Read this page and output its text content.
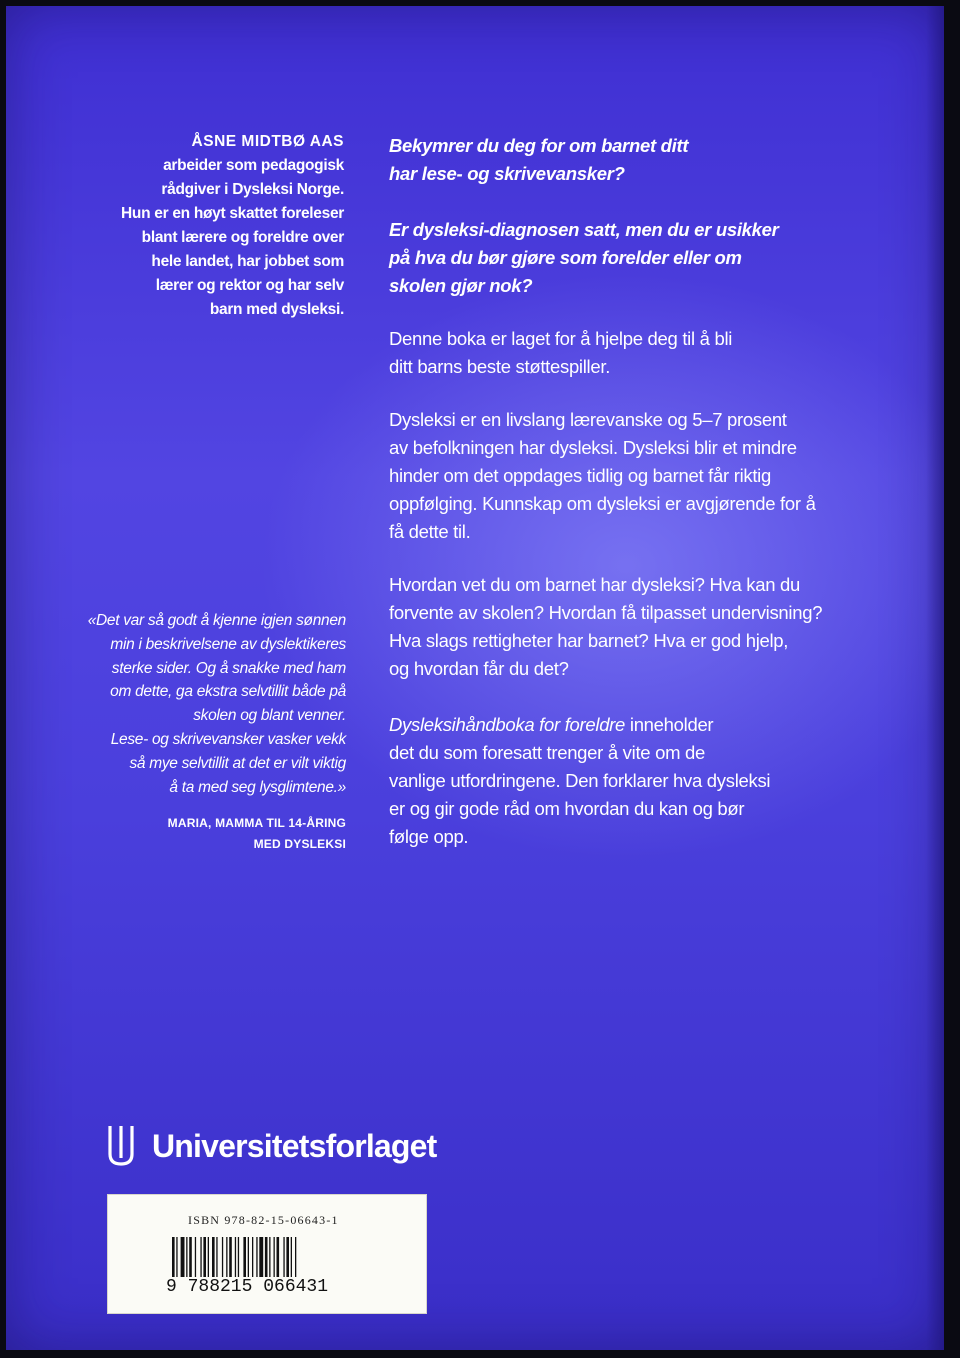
ÅSNE MIDTBØ AAS
arbeider som pedagogisk
rådgiver i Dysleksi Norge.
Hun er en høyt skattet foreleser
blant lærere og foreldre over
hele landet, har jobbet som
lærer og rektor og har selv
barn med dysleksi.
«Det var så godt å kjenne igjen sønnen
min i beskrivelsene av dyslektikeres
sterke sider. Og å snakke med ham
om dette, ga ekstra selvtillit både på
skolen og blant venner.
Lese- og skrivevansker vasker vekk
så mye selvtillit at det er vilt viktig
å ta med seg lysglimtene.»
MARIA, MAMMA TIL 14-ÅRING
MED DYSLEKSI
Bekymrer du deg for om barnet ditt
har lese- og skrivevansker?
Er dysleksi-diagnosen satt, men du er usikker
på hva du bør gjøre som forelder eller om
skolen gjør nok?
Denne boka er laget for å hjelpe deg til å bli
ditt barns beste støttespiller.
Dysleksi er en livslang lærevanske og 5–7 prosent
av befolkningen har dysleksi. Dysleksi blir et mindre
hinder om det oppdages tidlig og barnet får riktig
oppfølging. Kunnskap om dysleksi er avgjørende for å
få dette til.
Hvordan vet du om barnet har dysleksi? Hva kan du
forvente av skolen? Hvordan få tilpasset undervisning?
Hva slags rettigheter har barnet? Hva er god hjelp,
og hvordan får du det?
Dysleksihåndboka for foreldre inneholder
det du som foresatt trenger å vite om de
vanlige utfordringene. Den forklarer hva dysleksi
er og gir gode råd om hvordan du kan og bør
følge opp.
Universitetsforlaget
ISBN 978-82-15-06643-1
9 788215 066431
